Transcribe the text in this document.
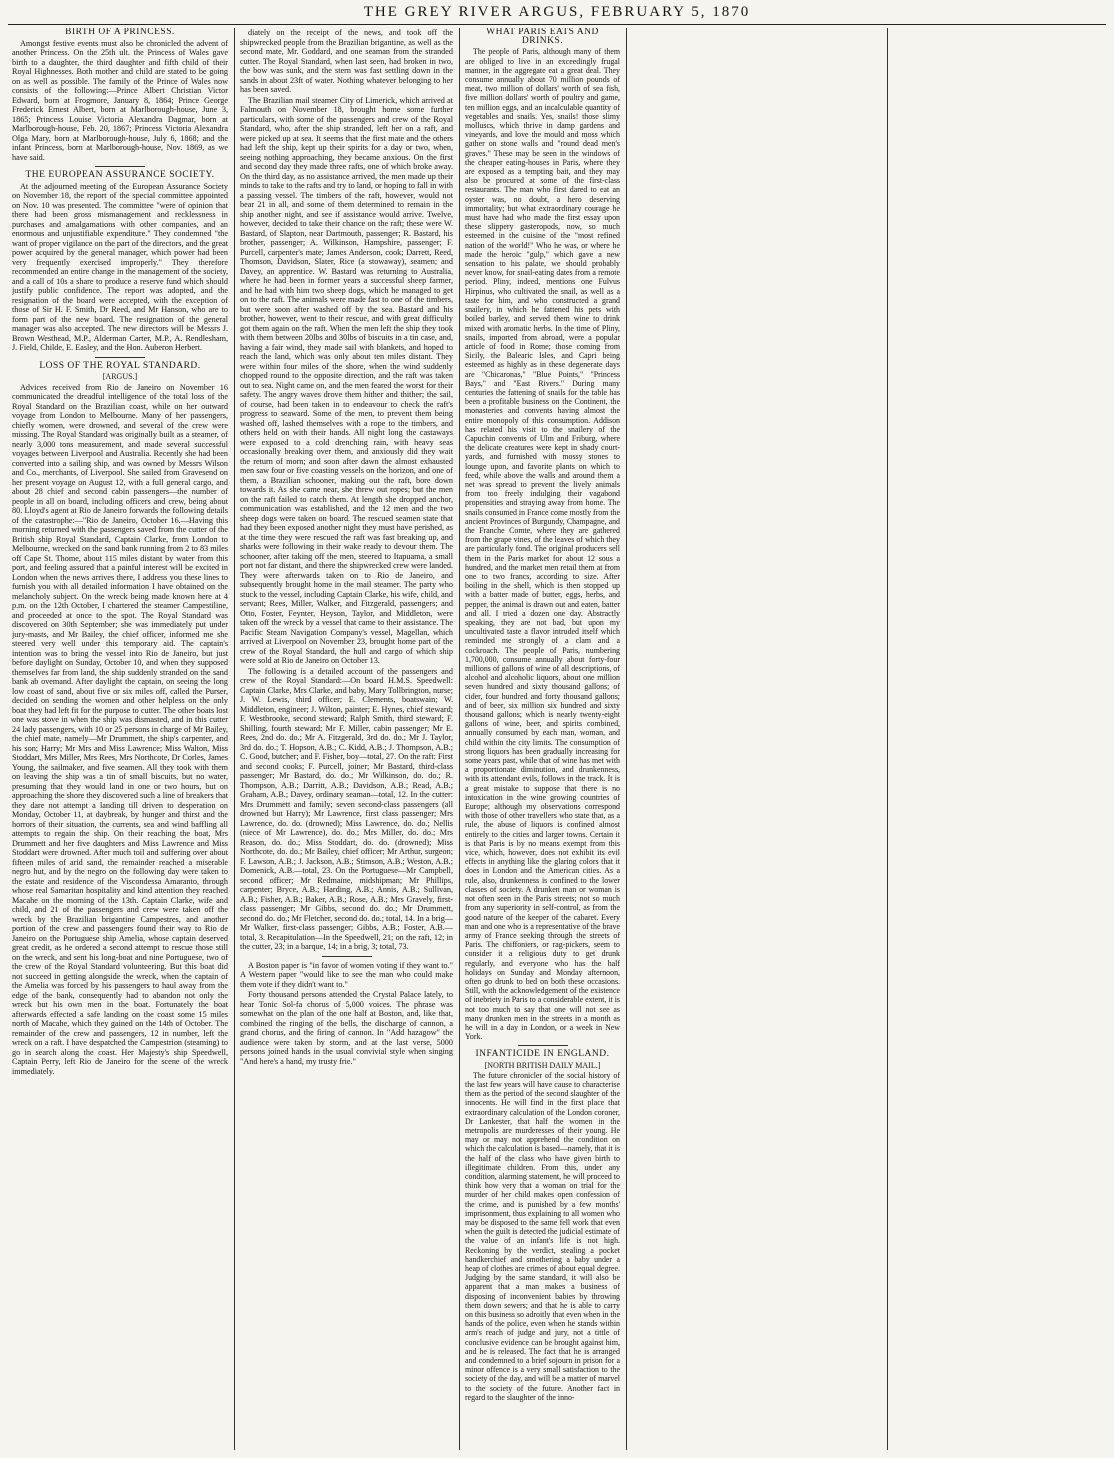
THE GREY RIVER ARGUS, FEBRUARY 5, 1870

BIRTH OF A PRINCESS.

Amongst festive events must also be chronicled the advent of another Princess. On the 25th ult. the Princess of Wales gave birth to a daughter, the third daughter and fifth child of their Royal Highnesses. Both mother and child are stated to be going on as well as possible. The family of the Prince of Wales now consists of the following:—Prince Albert Christian Victor Edward, born at Frogmore, January 8, 1864; Prince George Frederick Ernest Albert, born at Marlborough-house, June 3, 1865; Princess Louise Victoria Alexandra Dagmar, born at Marlborough-house, Feb. 20, 1867; Princess Victoria Alexandra Olga Mary, born at Marlborough-house, July 6, 1868; and the infant Princess, born at Marlborough-house, Nov. 1869, as we have said.

THE EUROPEAN ASSURANCE SOCIETY.

At the adjourned meeting of the European Assurance Society on November 18, the report of the special committee appointed on Nov. 10 was presented. The committee "were of opinion that there had been gross mismanagement and recklessness in purchases and amalgamations with other companies, and an enormous and unjustifiable expenditure." They condemned "the want of proper vigilance on the part of the directors, and the great power acquired by the general manager, which power had been very frequently exercised improperly." They therefore recommended an entire change in the management of the society, and a call of 10s a share to produce a reserve fund which should justify public confidence. The report was adopted, and the resignation of the board were accepted, with the exception of those of Sir H. F. Smith, Dr Reed, and Mr Hanson, who are to form part of the new board. The resignation of the general manager was also accepted. The new directors will be Messrs J. Brown Westhead, M.P., Alderman Carter, M.P., A. Rendlesham, J. Field, Childe, E. Easley, and the Hon. Auberon Herbert.

LOSS OF THE ROYAL STANDARD.

[ARGUS.]

Advices received from Rio de Janeiro on November 16 communicated the dreadful intelligence of the total loss of the Royal Standard on the Brazilian coast, while on her outward voyage from London to Melbourne. Many of her passengers, chiefly women, were drowned, and several of the crew were missing. The Royal Standard was originally built as a steamer, of nearly 3,000 tons measurement, and made several successful voyages between Liverpool and Australia. Recently she had been converted into a sailing ship, and was owned by Messrs Wilson and Co., merchants, of Liverpool. She sailed from Gravesend on her present voyage on August 12, with a full general cargo, and about 28 chief and second cabin passengers—the number of people in all on board, including officers and crew, being about 80. Lloyd's agent at Rio de Janeiro forwards the following details of the catastrophe:—"Rio de Janeiro, October 16.—Having this morning returned with the passengers saved from the cutter of the British ship Royal Standard, Captain Clarke, from London to Melbourne, wrecked on the sand bank running from 2 to 83 miles off Cape St. Thome, about 115 miles distant by water from this port, and feeling assured that a painful interest will be excited in London when the news arrives there, I address you these lines to furnish you with all detailed information I have obtained on the melancholy subject. On the wreck being made known here at 4 p.m. on the 12th October, I chartered the steamer Campestiline, and proceeded at once to the spot. The Royal Standard was discovered on 30th September; she was immediately put under jury-masts, and Mr Bailey, the chief officer, informed me she steered very well under this temporary aid. The captain's intention was to bring the vessel into Rio de Janeiro, but just before daylight on Sunday, October 10, and when they supposed themselves far from land, the ship suddenly stranded on the sand bank ab ovemand. After daylight the captain, on seeing the long low coast of sand, about five or six miles off, called the Purser, decided on sending the women and other helpless on the only boat they had left fit for the purpose to cutter. The other boats lost one was stove in when the ship was dismasted, and in this cutter 24 lady passengers, with 10 or 25 persons in charge of Mr Bailey, the chief mate, namely—Mr Drummett, the ship's carpenter, and his son; Harry; Mr Mrs and Miss Lawrence; Miss Walton, Miss Stoddart, Mrs Miller, Mrs Rees, Mrs Northcote, Dr Corles, James Young, the sailmaker, and five seamen. All they took with them on leaving the ship was a tin of small biscuits, but no water, presuming that they would land in one or two hours, but on approaching the shore they discovered such a line of breakers that they dare not attempt a landing till driven to desperation on Monday, October 11, at daybreak, by hunger and thirst and the horrors of their situation, the currents, sea and wind baffling all attempts to regain the ship. On their reaching the boat, Mrs Drummett and her five daughters and Miss Lawrence and Miss Stoddart were drowned. After much toil and suffering over about fifteen miles of arid sand, the remainder reached a miserable negro hut, and by the negro on the following day were taken to the estate and residence of the Viscondessa Amaranto, through whose real Samaritan hospitality and kind attention they reached Macahe on the morning of the 13th. Captain Clarke, wife and child, and 21 of the passengers and crew were taken off the wreck by the Brazilian brigantine Campestres, and another portion of the crew and passengers found their way to Rio de Janeiro on the Portuguese ship Amelia, whose captain deserved great credit, as he ordered a second attempt to rescue those still on the wreck, and sent his long-boat and nine Portuguese, two of the crew of the Royal Standard volunteering. But this boat did not succeed in getting alongside the wreck, when the captain of the Amelia was forced by his passengers to haul away from the edge of the bank, consequently had to abandon not only the wreck but his own men in the boat. Fortunately the boat afterwards effected a safe landing on the coast some 15 miles north of Macahe, which they gained on the 14th of October. The remainder of the crew and passengers, 12 in number, left the wreck on a raft. I have despatched the Campestrion (steaming) to go in search along the coast. Her Majesty's ship Speedwell, Captain Perry, left Rio de Janeiro for the scene of the wreck immediately.

diately on the receipt of the news, and took off the shipwrecked people from the Brazilian brigantine, as well as the second mate, Mr. Goddard, and one seaman from the stranded cutter. The Royal Standard, when last seen, had broken in two, the bow was sunk, and the stern was fast settling down in the sands in about 23ft of water. Nothing whatever belonging to her has been saved.

The Brazilian mail steamer City of Limerick, which arrived at Falmouth on November 18, brought home some further particulars, with some of the passengers and crew of the Royal Standard, who, after the ship stranded, left her on a raft, and were picked up at sea. It seems that the first mate and the others had left the ship, kept up their spirits for a day or two, when, seeing nothing approaching, they became anxious. On the first and second day they made three rafts, one of which broke away. On the third day, as no assistance arrived, the men made up their minds to take to the rafts and try to land, or hoping to fall in with a passing vessel. The timbers of the raft, however, would not bear 21 in all, and some of them determined to remain in the ship another night, and see if assistance would arrive. Twelve, however, decided to take their chance on the raft; these were W. Bastard, of Slapton, near Dartmouth, passenger; R. Bastard, his brother, passenger; A. Wilkinson, Hampshire, passenger; F. Purcell, carpenter's mate; James Anderson, cook; Darrett, Reed, Thomson, Davidson, Slater, Rice (a stowaway), seamen; and Davey, an apprentice. W. Bastard was returning to Australia, where he had been in former years a successful sheep farmer, and he had with him two sheep dogs, which he managed to get on to the raft. The animals were made fast to one of the timbers, but were soon after washed off by the sea. Bastard and his brother, however, went to their rescue, and with great difficulty got them again on the raft. When the men left the ship they took with them between 20lbs and 30lbs of biscuits in a tin case, and, having a fair wind, they made sail with blankets, and hoped to reach the land, which was only about ten miles distant. They were within four miles of the shore, when the wind suddenly chopped round to the opposite direction, and the raft was taken out to sea. Night came on, and the men feared the worst for their safety. The angry waves drove them hither and thither; the sail, of course, had been taken in to endeavour to check the raft's progress to seaward. Some of the men, to prevent them being washed off, lashed themselves with a rope to the timbers, and others held on with their hands. All night long the castaways were exposed to a cold drenching rain, with heavy seas occasionally breaking over them, and anxiously did they wait the return of morn; and soon after dawn the almost exhausted men saw four or five coasting vessels on the horizon, and one of them, a Brazilian schooner, making out the raft, bore down towards it. As she came near, she threw out ropes; but the men on the raft failed to catch them. At length she dropped anchor, communication was established, and the 12 men and the two sheep dogs were taken on board. The rescued seamen state that had they been exposed another night they must have perished, as at the time they were rescued the raft was fast breaking up, and sharks were following in their wake ready to devour them. The schooner, after taking off the men, steered to Itapuama, a small port not far distant, and there the shipwrecked crew were landed. They were afterwards taken on to Rio de Janeiro, and subsequently brought home in the mail steamer. The party who stuck to the vessel, including Captain Clarke, his wife, child, and servant; Rees, Miller, Walker, and Fitzgerald, passengers; and Otto, Foster, Feynter, Heyson, Taylor, and Middleton, were taken off the wreck by a vessel that came to their assistance. The Pacific Steam Navigation Company's vessel, Magellan, which arrived at Liverpool on November 23, brought home part of the crew of the Royal Standard, the hull and cargo of which ship were sold at Rio de Janeiro on October 13.

The following is a detailed account of the passengers and crew of the Royal Standard:—On board H.M.S. Speedwell: Captain Clarke, Mrs Clarke, and baby, Mary Tollbrington, nurse; J. W. Lewis, third officer; E. Clements, boatswain; W. Middleton, engineer; J. Wilton, painter; E. Hynes, chief steward; F. Westbrooke, second steward; Ralph Smith, third steward; F. Shilling, fourth steward; Mr F. Miller, cabin passenger; Mr E. Rees, 2nd do. do.; Mr A. Fitzgerald, 3rd do. do.; Mr J. Taylor, 3rd do. do.; T. Hopson, A.B.; C. Kidd, A.B.; J. Thompson, A.B.; C. Good, butcher; and F. Fisher, boy—total, 27. On the raft: First and second cooks; F. Purcell, joiner; Mr Bastard, third-class passenger; Mr Bastard, do. do.; Mr Wilkinson, do. do.; R. Thompson, A.B.; Darritt, A.B.; Davidson, A.B.; Read, A.B.; Graham, A.B.; Davey, ordinary seaman—total, 12. In the cutter: Mrs Drummett and family; seven second-class passengers (all drowned but Harry); Mr Lawrence, first class passenger; Mrs Lawrence, do. do. (drowned); Miss Lawrence, do. do.; Nellis (niece of Mr Lawrence), do. do.; Mrs Miller, do. do.; Mrs Reason, do. do.; Miss Stoddart, do. do. (drowned); Miss Northcote, do. do.; Mr Bailey, chief officer; Mr Arthur, surgeon; F. Lawson, A.B.; J. Jackson, A.B.; Stimson, A.B.; Weston, A.B.; Domenick, A.B.—total, 23. On the Portuguese—Mr Campbell, second officer; Mr Redmaine, midshipman; Mr Phillips, carpenter; Bryce, A.B.; Harding, A.B.; Annis, A.B.; Sullivan, A.B.; Fisher, A.B.; Baker, A.B.; Rose, A.B.; Mrs Gravely, first-class passenger; Mr Gibbs, second do. do.; Mr Drummett, second do. do.; Mr Fletcher, second do. do.; total, 14. In a brig—Mr Walker, first-class passenger; Gibbs, A.B.; Foster, A.B.—total, 3. Recapitulation—In the Speedwell, 21; on the raft, 12; in the cutter, 23; in a barque, 14; in a brig, 3; total, 73.

A Boston paper is "in favor of women voting if they want to." A Western paper "would like to see the man who could make them vote if they didn't want to."

Forty thousand persons attended the Crystal Palace lately, to hear Tonic Sol-fa chorus of 5,000 voices. The phrase was somewhat on the plan of the one half at Boston, and, like that, combined the ringing of the bells, the discharge of cannon, a grand chorus, and the firing of cannon. In "Add hazagow" the audience were taken by storm, and at the last verse, 5000 persons joined hands in the usual convivial style when singing "And here's a hand, my trusty frie."

WHAT PARIS EATS AND DRINKS.

The people of Paris, although many of them are obliged to live in an exceedingly frugal manner, in the aggregate eat a great deal. They consume annually about 70 million pounds of meat, two million of dollars' worth of sea fish, five million dollars' worth of poultry and game, ten million eggs, and an incalculable quantity of vegetables and snails. Yes, snails! those slimy molluscs, which thrive in damp gardens and vineyards, and love the mould and moss which gather on stone walls and "round dead men's graves." These may be seen in the windows of the cheaper eating-houses in Paris, where they are exposed as a tempting bait, and they may also be procured at some of the first-class restaurants. The man who first dared to eat an oyster was, no doubt, a hero deserving immortality; but what extraordinary courage he must have had who made the first essay upon these slippery gasteropods, now, so much esteemed in the cuisine of the "most refined nation of the world!" Who he was, or where he made the heroic "gulp," which gave a new sensation to his palate, we should probably never know, for snail-eating dates from a remote period. Pliny, indeed, mentions one Fulvus Hirpinus, who cultivated the snail, as well as a taste for him, and who constructed a grand snailery, in which he fattened his pets with boiled barley, and served them wine to drink mixed with aromatic herbs. In the time of Pliny, snails, imported from abroad, were a popular article of food in Rome; those coming from Sicily, the Balearic Isles, and Capri being esteemed as highly as in these degenerate days are "Chicaronas," "Blue Points," "Princess Bays," and "East Rivers." During many centuries the fattening of snails for the table has been a profitable business on the Continent, the monasteries and convents having almost the entire monopoly of this consumption. Addison has related his visit to the snailery of the Capuchin convents of Ulm and Friburg, where the delicate creatures were kept in shady court-yards, and furnished with mossy stones to lounge upon, and favorite plants on which to feed, while above the walls and around them a net was spread to prevent the lively animals from too freely indulging their vagabond propensities and straying away from home. The snails consumed in France come mostly from the ancient Provinces of Burgundy, Champagne, and the Franche Comte, where they are gathered from the grape vines, of the leaves of which they are particularly fond. The original producers sell them in the Paris market for about 12 sous a hundred, and the market men retail them at from one to two francs, according to size. After boiling in the shell, which is then stopped up with a batter made of butter, eggs, herbs, and pepper, the animal is drawn out and eaten, batter and all. I tried a dozen one day. Abstractly speaking, they are not bad, but upon my uncultivated taste a flavor intruded itself which reminded me strongly of a clam and a cockroach. The people of Paris, numbering 1,700,000, consume annually about forty-four millions of gallons of wine of all descriptions, of alcohol and alcoholic liquors, about one million seven hundred and sixty thousand gallons; of cider, four hundred and forty thousand gallons; and of beer, six million six hundred and sixty thousand gallons; which is nearly twenty-eight gallons of wine, beer, and spirits combined, annually consumed by each man, woman, and child within the city limits. The consumption of strong liquors has been gradually increasing for some years past, while that of wine has met with a proportionate diminution, and drunkenness, with its attendant evils, follows in the track. It is a great mistake to suppose that there is no intoxication in the wine growing countries of Europe; although my observations correspond with those of other travellers who state that, as a rule, the abuse of liquors is confined almost entirely to the cities and larger towns. Certain it is that Paris is by no means exempt from this vice, which, however, does not exhibit its evil effects in anything like the glaring colors that it does in London and the American cities. As a rule, also, drunkenness is confined to the lower classes of society. A drunken man or woman is not often seen in the Paris streets; not so much from any superiority in self-control, as from the good nature of the keeper of the cabaret. Every man and one who is a representative of the brave army of France seeking through the streets of Paris. The chiffoniers, or rag-pickers, seem to consider it a religious duty to get drunk regularly, and everyone who has the half holidays on Sunday and Monday afternoon, often go drunk to bed on both these occasions. Still, with the acknowledgement of the existence of inebriety in Paris to a considerable extent, it is not too much to say that one will not see as many drunken men in the streets in a month as he will in a day in London, or a week in New York.

INFANTICIDE IN ENGLAND.

[NORTH BRITISH DAILY MAIL.]

The future chronicler of the social history of the last few years will have cause to characterise them as the period of the second slaughter of the innocents. He will find in the first place that extraordinary calculation of the London coroner, Dr Lankester, that half the women in the metropolis are murderesses of their young. He may or may not apprehend the condition on which the calculation is based—namely, that it is the half of the class who have given birth to illegitimate children. From this, under any condition, alarming statement, he will proceed to think how very that a woman on trial for the murder of her child makes open confession of the crime, and is punished by a few months' imprisonment, thus explaining to all women who may be disposed to the same fell work that even when the guilt is detected the judicial estimate of the value of an infant's life is not high. Reckoning by the verdict, stealing a pocket handkerchief and smothering a baby under a heap of clothes are crimes of about equal degree. Judging by the same standard, it will also be apparent that a man makes a business of disposing of inconvenient babies by throwing them down sewers; and that he is able to carry on this business so adroitly that even when in the hands of the police, even when he stands within arm's reach of judge and jury, not a tittle of conclusive evidence can be brought against him, and he is released. The fact that he is arranged and condemned to a brief sojourn in prison for a minor offence is a very small satisfaction to the society of the day, and will be a matter of marvel to the society of the future. Another fact in regard to the slaughter of the inno-
